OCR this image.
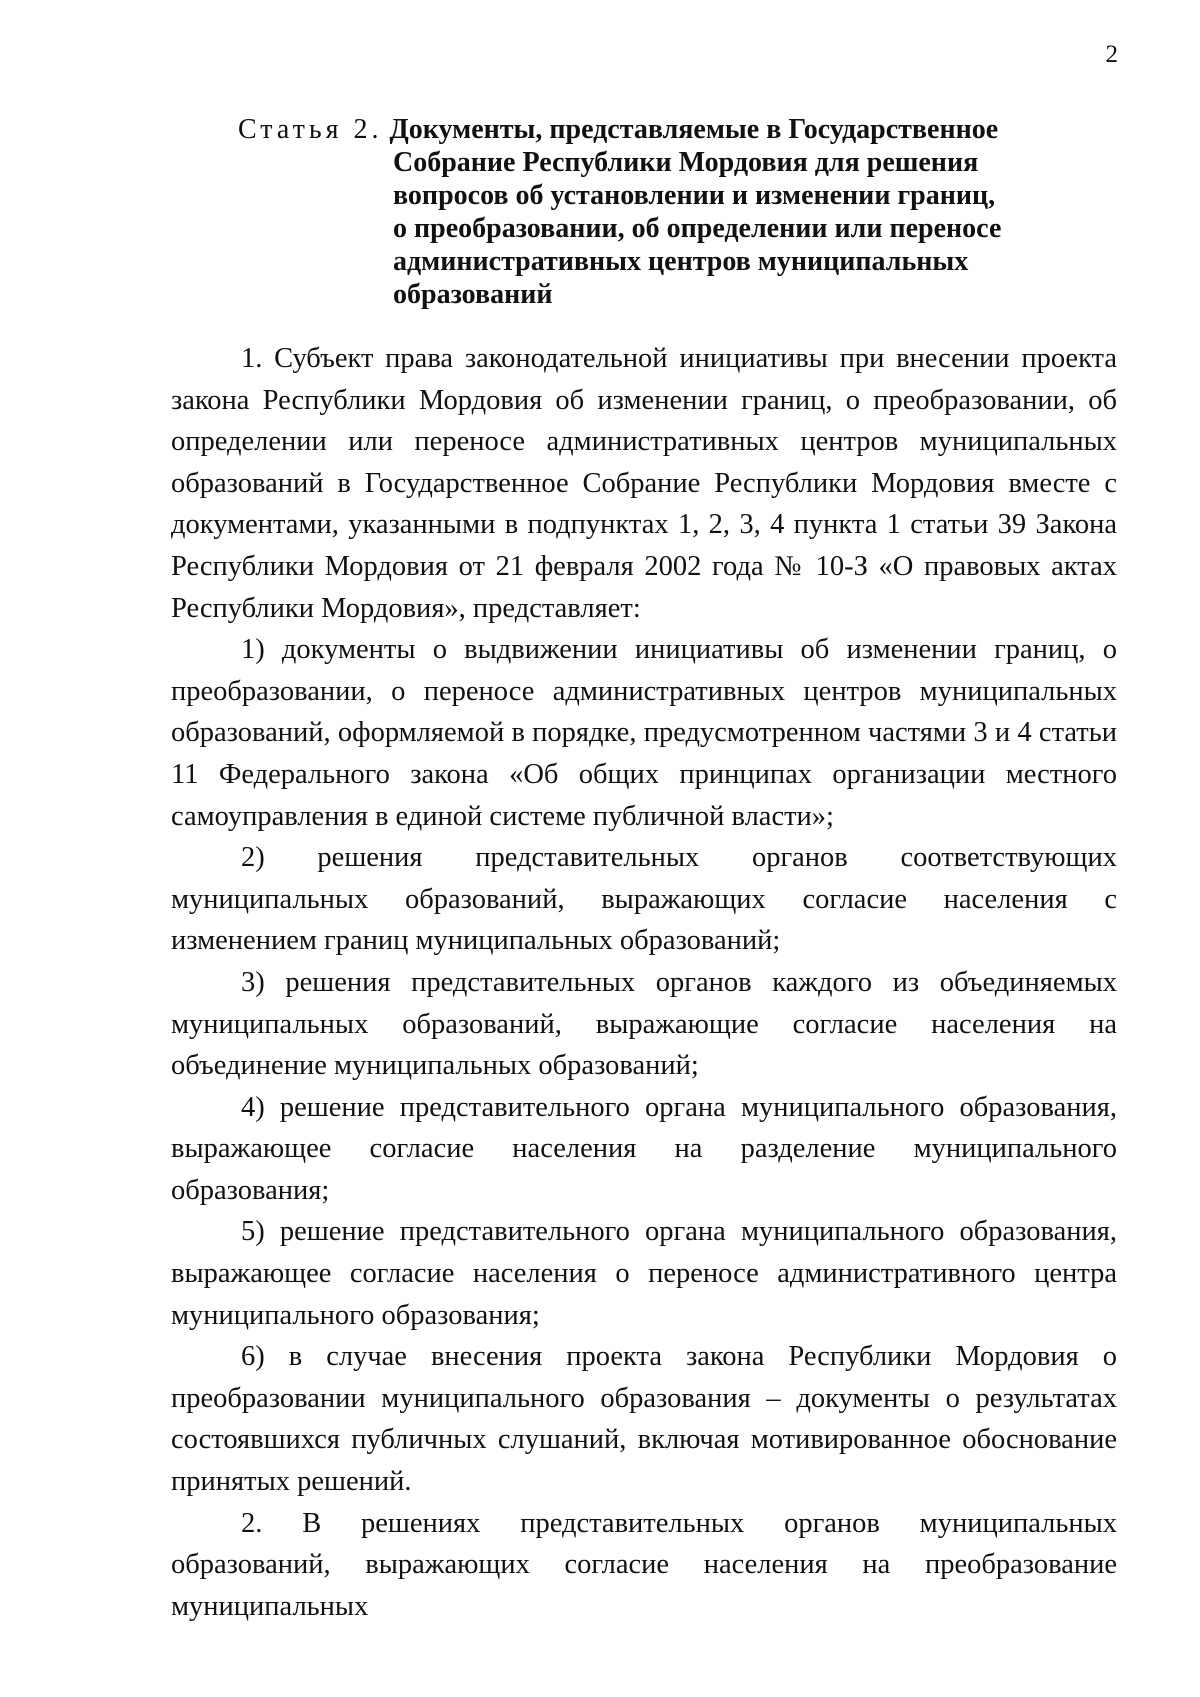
2
Статья 2. Документы, представляемые в Государственное
Собрание Республики Мордовия для решения
вопросов об установлении и изменении границ,
о преобразовании, об определении или переносе
административных центров муниципальных
образований

1. Субъект права законодательной инициативы при внесении проекта закона Республики Мордовия об изменении границ, о преобразовании, об определении или переносе административных центров муниципальных образований в Государственное Собрание Республики Мордовия вместе с документами, указанными в подпунктах 1, 2, 3, 4 пункта 1 статьи 39 Закона Республики Мордовия от 21 февраля 2002 года № 10-З «О правовых актах Республики Мордовия», представляет:

1) документы о выдвижении инициативы об изменении границ, о преобразовании, о переносе административных центров муниципальных образований, оформляемой в порядке, предусмотренном частями 3 и 4 статьи 11 Федерального закона «Об общих принципах организации местного самоуправления в единой системе публичной власти»;

2) решения представительных органов соответствующих муниципальных образований, выражающих согласие населения с изменением границ муниципальных образований;

3) решения представительных органов каждого из объединяемых муниципальных образований, выражающие согласие населения на объединение муниципальных образований;

4) решение представительного органа муниципального образования, выражающее согласие населения на разделение муниципального образования;

5) решение представительного органа муниципального образования, выражающее согласие населения о переносе административного центра муниципального образования;

6) в случае внесения проекта закона Республики Мордовия о преобразовании муниципального образования – документы о результатах состоявшихся публичных слушаний, включая мотивированное обоснование принятых решений.

2. В решениях представительных органов муниципальных образований, выражающих согласие населения на преобразование муниципальных
